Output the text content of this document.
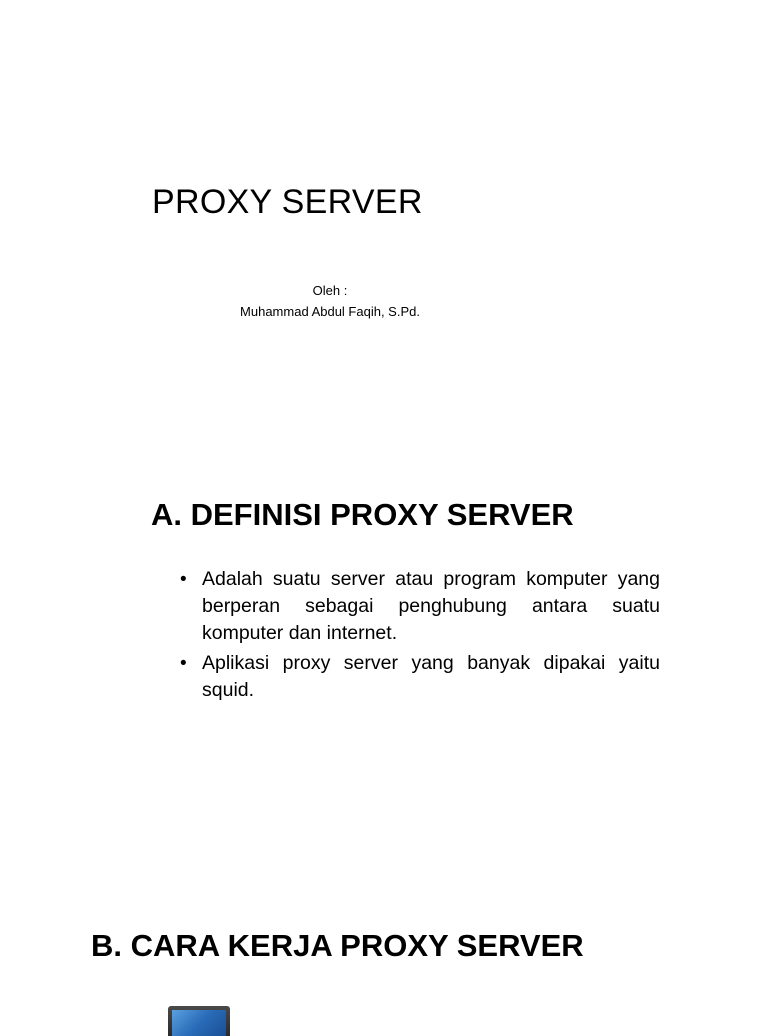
PROXY SERVER
Oleh :
Muhammad Abdul Faqih, S.Pd.
A. DEFINISI PROXY SERVER
• Adalah suatu server atau program komputer yang berperan sebagai penghubung antara suatu komputer dan internet.
• Aplikasi proxy server yang banyak dipakai yaitu squid.
B. CARA KERJA PROXY SERVER
